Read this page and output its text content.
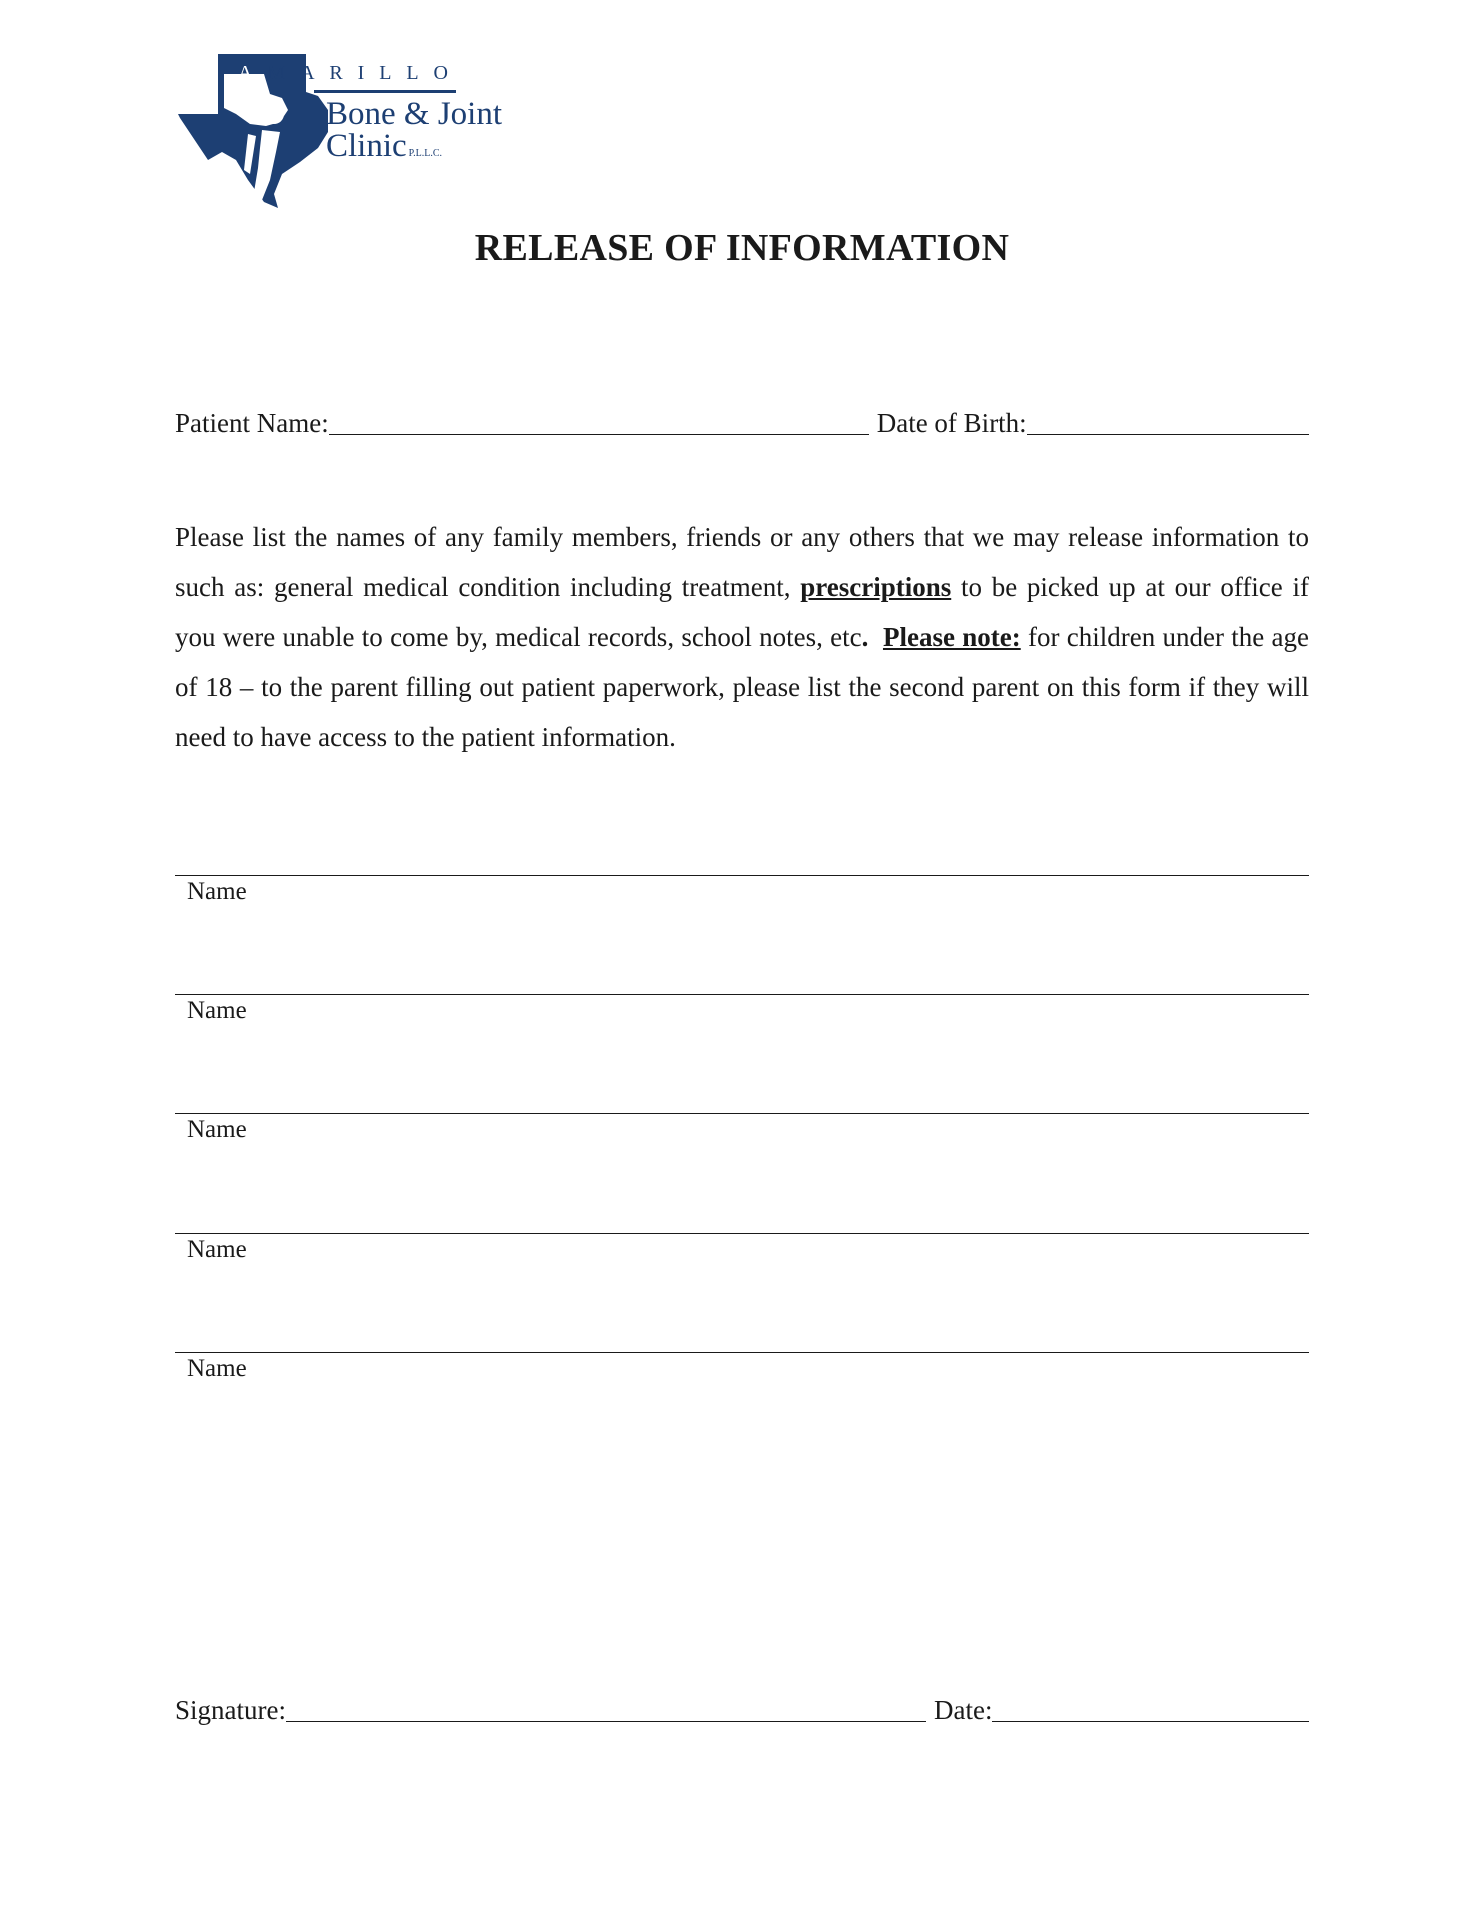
A M A R I L L O
Bone & Joint
Clinic P.L.L.C.
RELEASE OF INFORMATION
Patient Name:	Date of Birth:
Please list the names of any family members, friends or any others that we may release information to such as: general medical condition including treatment, prescriptions to be picked up at our office if you were unable to come by, medical records, school notes, etc. Please note: for children under the age of 18 – to the parent filling out patient paperwork, please list the second parent on this form if they will need to have access to the patient information.
Name
Name
Name
Name
Name
Signature:	Date:
